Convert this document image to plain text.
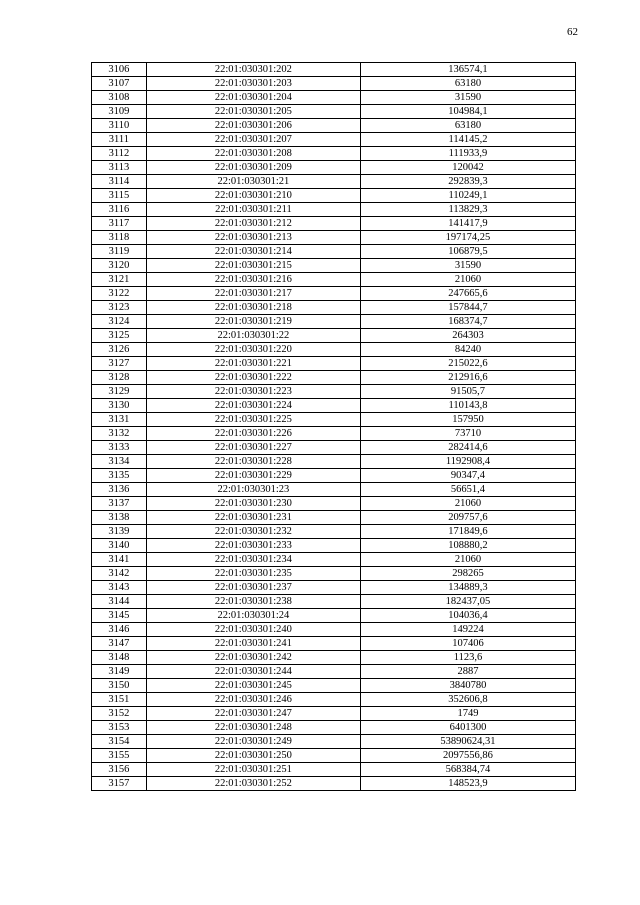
62
3106	22:01:030301:202	136574,1
3107	22:01:030301:203	63180
3108	22:01:030301:204	31590
3109	22:01:030301:205	104984,1
3110	22:01:030301:206	63180
3111	22:01:030301:207	114145,2
3112	22:01:030301:208	111933,9
3113	22:01:030301:209	120042
3114	22:01:030301:21	292839,3
3115	22:01:030301:210	110249,1
3116	22:01:030301:211	113829,3
3117	22:01:030301:212	141417,9
3118	22:01:030301:213	197174,25
3119	22:01:030301:214	106879,5
3120	22:01:030301:215	31590
3121	22:01:030301:216	21060
3122	22:01:030301:217	247665,6
3123	22:01:030301:218	157844,7
3124	22:01:030301:219	168374,7
3125	22:01:030301:22	264303
3126	22:01:030301:220	84240
3127	22:01:030301:221	215022,6
3128	22:01:030301:222	212916,6
3129	22:01:030301:223	91505,7
3130	22:01:030301:224	110143,8
3131	22:01:030301:225	157950
3132	22:01:030301:226	73710
3133	22:01:030301:227	282414,6
3134	22:01:030301:228	1192908,4
3135	22:01:030301:229	90347,4
3136	22:01:030301:23	56651,4
3137	22:01:030301:230	21060
3138	22:01:030301:231	209757,6
3139	22:01:030301:232	171849,6
3140	22:01:030301:233	108880,2
3141	22:01:030301:234	21060
3142	22:01:030301:235	298265
3143	22:01:030301:237	134889,3
3144	22:01:030301:238	182437,05
3145	22:01:030301:24	104036,4
3146	22:01:030301:240	149224
3147	22:01:030301:241	107406
3148	22:01:030301:242	1123,6
3149	22:01:030301:244	2887
3150	22:01:030301:245	3840780
3151	22:01:030301:246	352606,8
3152	22:01:030301:247	1749
3153	22:01:030301:248	6401300
3154	22:01:030301:249	53890624,31
3155	22:01:030301:250	2097556,86
3156	22:01:030301:251	568384,74
3157	22:01:030301:252	148523,9
